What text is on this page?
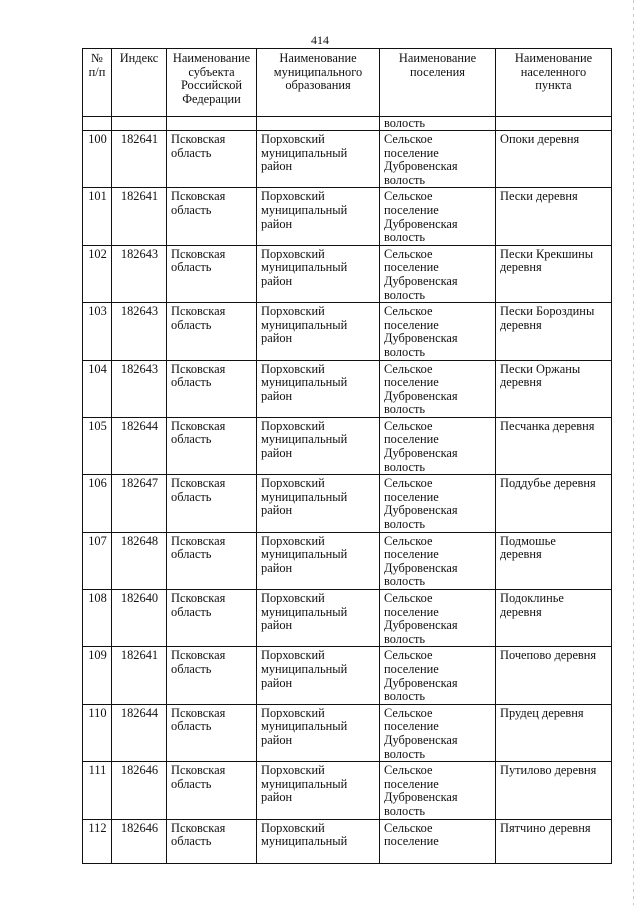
414
№
п/п	Индекс	Наименование
субъекта
Российской
Федерации	Наименование
муниципального
образования	Наименование
поселения	Наименование
населенного
пункта
				волость	
100	182641	Псковская
область	Порховский
муниципальный
район	Сельское
поселение
Дубровенская
волость	Опоки деревня
101	182641	Псковская
область	Порховский
муниципальный
район	Сельское
поселение
Дубровенская
волость	Пески деревня
102	182643	Псковская
область	Порховский
муниципальный
район	Сельское
поселение
Дубровенская
волость	Пески Крекшины
деревня
103	182643	Псковская
область	Порховский
муниципальный
район	Сельское
поселение
Дубровенская
волость	Пески Бороздины
деревня
104	182643	Псковская
область	Порховский
муниципальный
район	Сельское
поселение
Дубровенская
волость	Пески Оржаны
деревня
105	182644	Псковская
область	Порховский
муниципальный
район	Сельское
поселение
Дубровенская
волость	Песчанка деревня
106	182647	Псковская
область	Порховский
муниципальный
район	Сельское
поселение
Дубровенская
волость	Поддубье деревня
107	182648	Псковская
область	Порховский
муниципальный
район	Сельское
поселение
Дубровенская
волость	Подмошье
деревня
108	182640	Псковская
область	Порховский
муниципальный
район	Сельское
поселение
Дубровенская
волость	Подоклинье
деревня
109	182641	Псковская
область	Порховский
муниципальный
район	Сельское
поселение
Дубровенская
волость	Почепово деревня
110	182644	Псковская
область	Порховский
муниципальный
район	Сельское
поселение
Дубровенская
волость	Прудец деревня
111	182646	Псковская
область	Порховский
муниципальный
район	Сельское
поселение
Дубровенская
волость	Путилово деревня
112	182646	Псковская
область	Порховский
муниципальный	Сельское
поселение	Пятчино деревня
